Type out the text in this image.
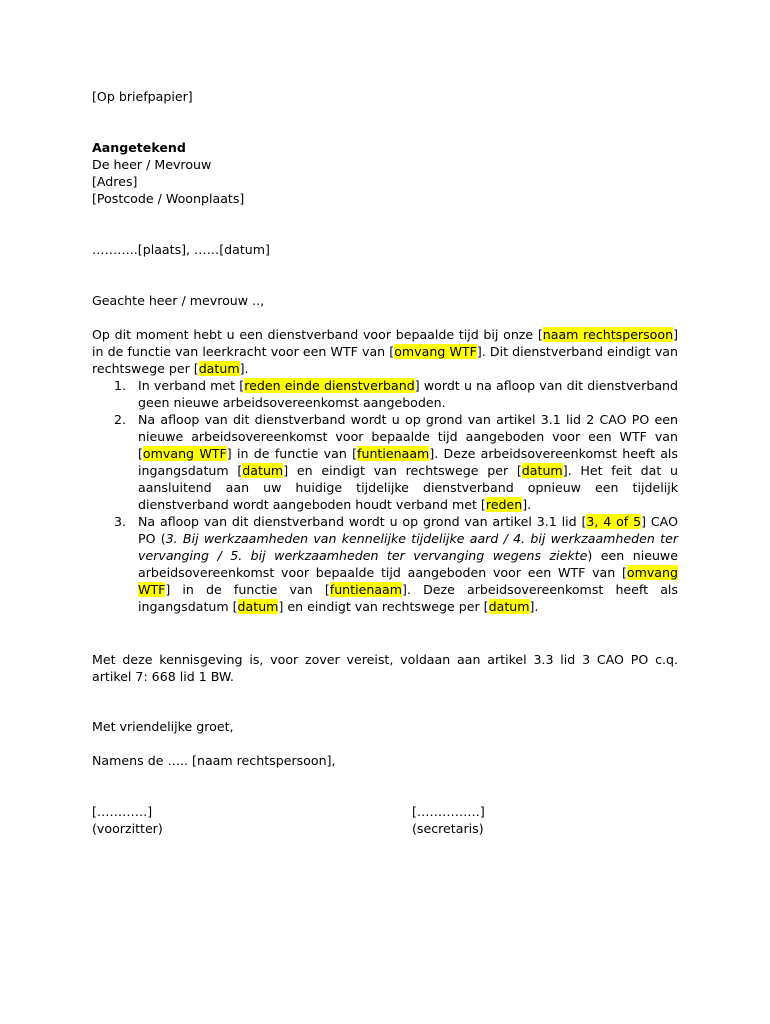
[Op briefpapier]
Aangetekend
De heer / Mevrouw
[Adres]
[Postcode / Woonplaats]
………..[plaats], ……[datum]
Geachte heer / mevrouw ..,
Op dit moment hebt u een dienstverband voor bepaalde tijd bij onze [naam rechtspersoon] in de functie van leerkracht voor een WTF van [omvang WTF]. Dit dienstverband eindigt van rechtswege per [datum].
1. In verband met [reden einde dienstverband] wordt u na afloop van dit dienstverband geen nieuwe arbeidsovereenkomst aangeboden.
2. Na afloop van dit dienstverband wordt u op grond van artikel 3.1 lid 2 CAO PO een nieuwe arbeidsovereenkomst voor bepaalde tijd aangeboden voor een WTF van [omvang WTF] in de functie van [funtienaam]. Deze arbeidsovereenkomst heeft als ingangsdatum [datum] en eindigt van rechtswege per [datum]. Het feit dat u aansluitend aan uw huidige tijdelijke dienstverband opnieuw een tijdelijk dienstverband wordt aangeboden houdt verband met [reden].
3. Na afloop van dit dienstverband wordt u op grond van artikel 3.1 lid [3, 4 of 5] CAO PO (3. Bij werkzaamheden van kennelijke tijdelijke aard / 4. bij werkzaamheden ter vervanging / 5. bij werkzaamheden ter vervanging wegens ziekte) een nieuwe arbeidsovereenkomst voor bepaalde tijd aangeboden voor een WTF van [omvang WTF] in de functie van [funtienaam]. Deze arbeidsovereenkomst heeft als ingangsdatum [datum] en eindigt van rechtswege per [datum].
Met deze kennisgeving is, voor zover vereist, voldaan aan artikel 3.3 lid 3 CAO PO c.q. artikel 7: 668 lid 1 BW.
Met vriendelijke groet,
Namens de ….. [naam rechtspersoon],
[…………]
(voorzitter)
[……………]
(secretaris)
